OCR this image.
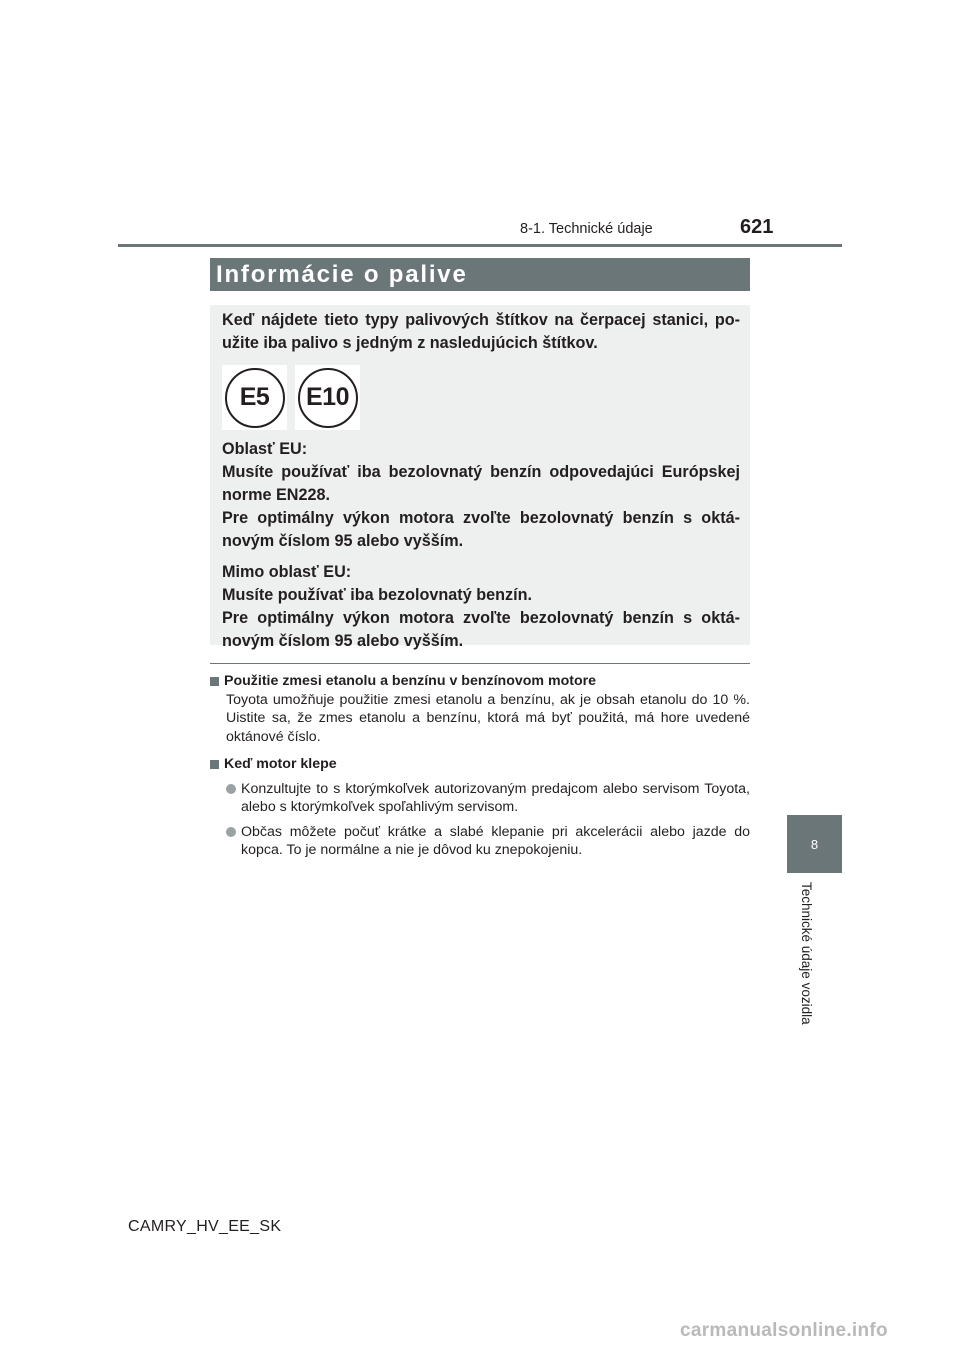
8-1. Technické údaje	621
8
Technické údaje vozidla
Informácie o palive

Keď nájdete tieto typy palivových štítkov na čerpacej stanici, po-užite iba palivo s jedným z nasledujúcich štítkov.

E5	E10

Oblasť EU:

Musíte používať iba bezolovnatý benzín odpovedajúci Európskej norme EN228.

Pre optimálny výkon motora zvoľte bezolovnatý benzín s oktá-novým číslom 95 alebo vyšším.

Mimo oblasť EU:

Musíte používať iba bezolovnatý benzín.

Pre optimálny výkon motora zvoľte bezolovnatý benzín s oktá-novým číslom 95 alebo vyšším.

Použitie zmesi etanolu a benzínu v benzínovom motore

Toyota umožňuje použitie zmesi etanolu a benzínu, ak je obsah etanolu do 10 %. Uistite sa, že zmes etanolu a benzínu, ktorá má byť použitá, má hore uvedené oktánové číslo.

Keď motor klepe
Konzultujte to s ktorýmkoľvek autorizovaným predajcom alebo servisom Toyota, alebo s ktorýmkoľvek spoľahlivým servisom.
Občas môžete počuť krátke a slabé klepanie pri akcelerácii alebo jazde do kopca. To je normálne a nie je dôvod ku znepokojeniu.
CAMRY_HV_EE_SK
carmanualsonline.info
